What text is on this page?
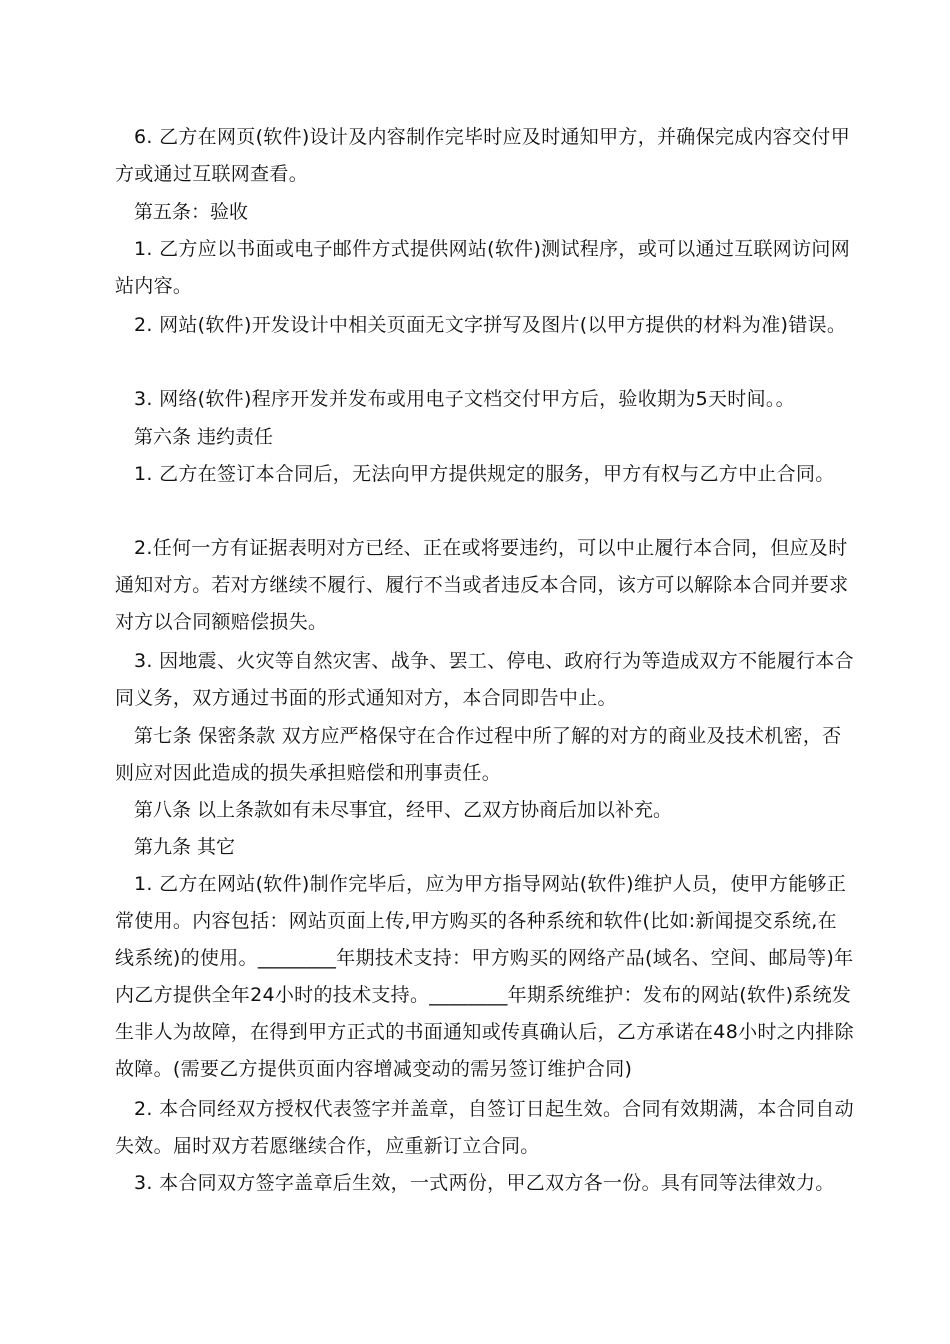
6. 乙方在网页(软件)设计及内容制作完毕时应及时通知甲方，并确保完成内容交付甲方或通过互联网查看。
第五条：验收
1. 乙方应以书面或电子邮件方式提供网站(软件)测试程序，或可以通过互联网访问网站内容。
2. 网站(软件)开发设计中相关页面无文字拼写及图片(以甲方提供的材料为准)错误。
3. 网络(软件)程序开发并发布或用电子文档交付甲方后，验收期为5天时间。。
第六条 违约责任
1. 乙方在签订本合同后，无法向甲方提供规定的服务，甲方有权与乙方中止合同。
2.任何一方有证据表明对方已经、正在或将要违约，可以中止履行本合同，但应及时通知对方。若对方继续不履行、履行不当或者违反本合同，该方可以解除本合同并要求对方以合同额赔偿损失。
3. 因地震、火灾等自然灾害、战争、罢工、停电、政府行为等造成双方不能履行本合同义务，双方通过书面的形式通知对方，本合同即告中止。
第七条 保密条款 双方应严格保守在合作过程中所了解的对方的商业及技术机密，否则应对因此造成的损失承担赔偿和刑事责任。
第八条 以上条款如有未尽事宜，经甲、乙双方协商后加以补充。
第九条 其它
1. 乙方在网站(软件)制作完毕后，应为甲方指导网站(软件)维护人员，使甲方能够正常使用。内容包括：网站页面上传,甲方购买的各种系统和软件(比如:新闻提交系统,在线系统)的使用。________年期技术支持：甲方购买的网络产品(域名、空间、邮局等)年内乙方提供全年24小时的技术支持。________年期系统维护：发布的网站(软件)系统发生非人为故障，在得到甲方正式的书面通知或传真确认后，乙方承诺在48小时之内排除故障。(需要乙方提供页面内容增减变动的需另签订维护合同)
2. 本合同经双方授权代表签字并盖章，自签订日起生效。合同有效期满，本合同自动失效。届时双方若愿继续合作，应重新订立合同。
3. 本合同双方签字盖章后生效，一式两份，甲乙双方各一份。具有同等法律效力。
